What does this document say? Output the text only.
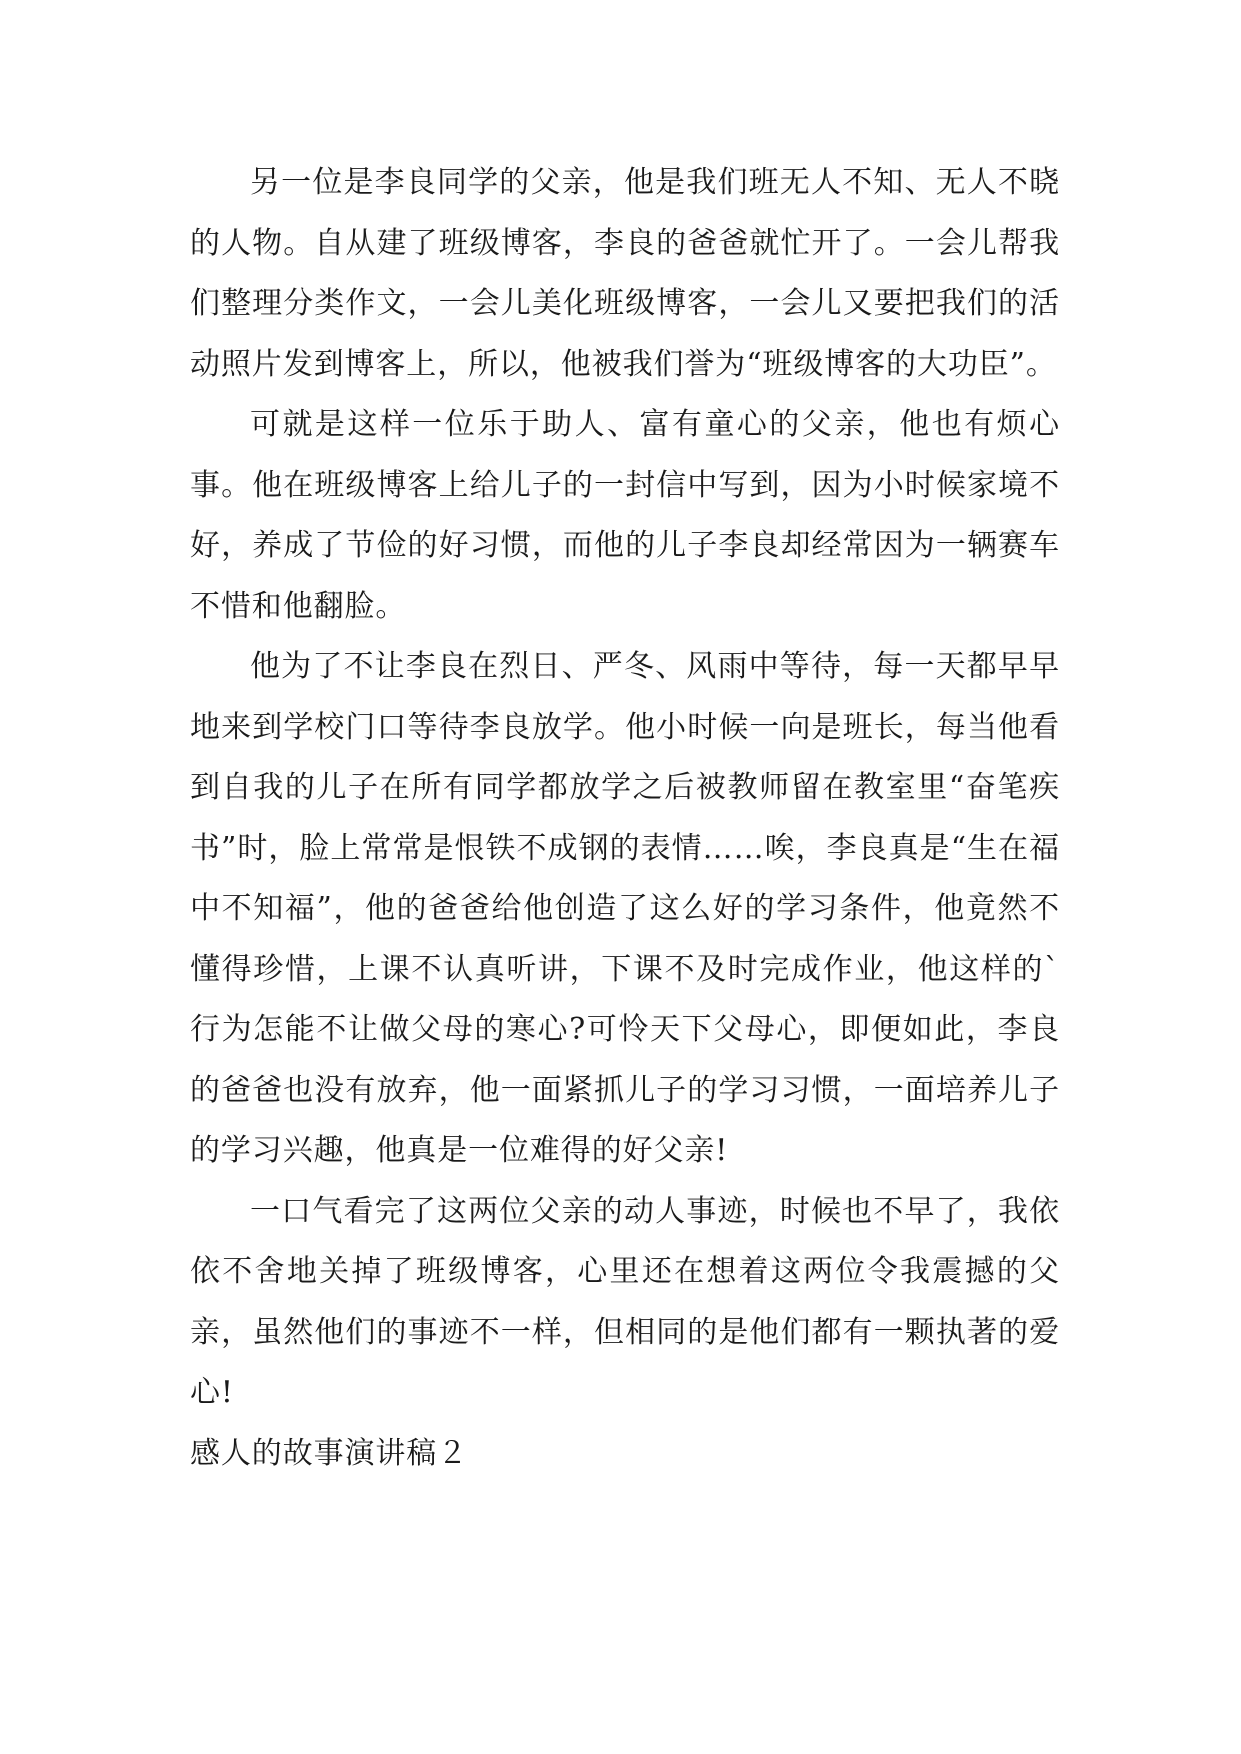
另一位是李良同学的父亲，他是我们班无人不知、无人不晓的人物。自从建了班级博客，李良的爸爸就忙开了。一会儿帮我们整理分类作文，一会儿美化班级博客，一会儿又要把我们的活动照片发到博客上，所以，他被我们誉为“班级博客的大功臣”。

可就是这样一位乐于助人、富有童心的父亲，他也有烦心事。他在班级博客上给儿子的一封信中写到，因为小时候家境不好，养成了节俭的好习惯，而他的儿子李良却经常因为一辆赛车不惜和他翻脸。

他为了不让李良在烈日、严冬、风雨中等待，每一天都早早地来到学校门口等待李良放学。他小时候一向是班长，每当他看到自我的儿子在所有同学都放学之后被教师留在教室里“奋笔疾书”时，脸上常常是恨铁不成钢的表情……唉，李良真是“生在福中不知福”，他的爸爸给他创造了这么好的学习条件，他竟然不懂得珍惜，上课不认真听讲，下课不及时完成作业，他这样的`行为怎能不让做父母的寒心?可怜天下父母心，即便如此，李良的爸爸也没有放弃，他一面紧抓儿子的学习习惯，一面培养儿子的学习兴趣，他真是一位难得的好父亲!

一口气看完了这两位父亲的动人事迹，时候也不早了，我依依不舍地关掉了班级博客，心里还在想着这两位令我震撼的父亲，虽然他们的事迹不一样，但相同的是他们都有一颗执著的爱心!

感人的故事演讲稿２
